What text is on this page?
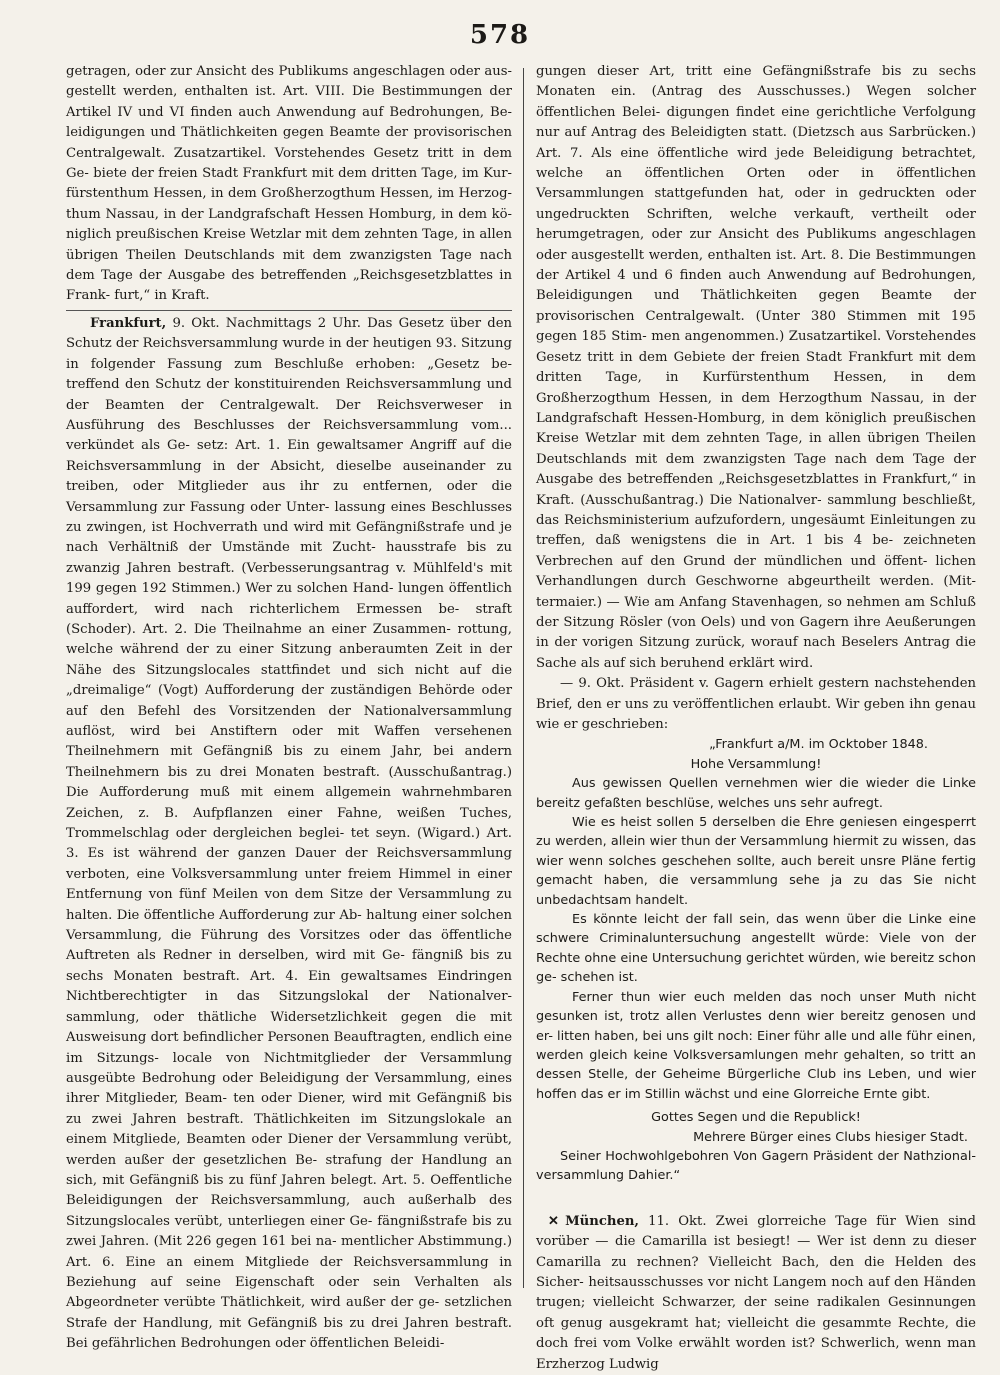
578

getragen, oder zur Ansicht des Publikums angeschlagen oder aus- gestellt werden, enthalten ist. Art. VIII. Die Bestimmungen der Artikel IV und VI finden auch Anwendung auf Bedrohungen, Be- leidigungen und Thätlichkeiten gegen Beamte der provisorischen Centralgewalt. Zusatzartikel. Vorstehendes Gesetz tritt in dem Ge- biete der freien Stadt Frankfurt mit dem dritten Tage, im Kur- fürstenthum Hessen, in dem Großherzogthum Hessen, im Herzog- thum Nassau, in der Landgrafschaft Hessen Homburg, in dem kö- niglich preußischen Kreise Wetzlar mit dem zehnten Tage, in allen übrigen Theilen Deutschlands mit dem zwanzigsten Tage nach dem Tage der Ausgabe des betreffenden „Reichsgesetzblattes in Frank- furt,“ in Kraft.

Frankfurt, 9. Okt. Nachmittags 2 Uhr. Das Gesetz über den Schutz der Reichsversammlung wurde in der heutigen 93. Sitzung in folgender Fassung zum Beschluße erhoben: „Gesetz be- treffend den Schutz der konstituirenden Reichsversammlung und der Beamten der Centralgewalt. Der Reichsverweser in Ausführung des Beschlusses der Reichsversammlung vom... verkündet als Ge- setz: Art. 1. Ein gewaltsamer Angriff auf die Reichsversammlung in der Absicht, dieselbe auseinander zu treiben, oder Mitglieder aus ihr zu entfernen, oder die Versammlung zur Fassung oder Unter- lassung eines Beschlusses zu zwingen, ist Hochverrath und wird mit Gefängnißstrafe und je nach Verhältniß der Umstände mit Zucht- hausstrafe bis zu zwanzig Jahren bestraft. (Verbesserungsantrag v. Mühlfeld's mit 199 gegen 192 Stimmen.) Wer zu solchen Hand- lungen öffentlich auffordert, wird nach richterlichem Ermessen be- straft (Schoder). Art. 2. Die Theilnahme an einer Zusammen- rottung, welche während der zu einer Sitzung anberaumten Zeit in der Nähe des Sitzungslocales stattfindet und sich nicht auf die „dreimalige“ (Vogt) Aufforderung der zuständigen Behörde oder auf den Befehl des Vorsitzenden der Nationalversammlung auflöst, wird bei Anstiftern oder mit Waffen versehenen Theilnehmern mit Gefängniß bis zu einem Jahr, bei andern Theilnehmern bis zu drei Monaten bestraft. (Ausschußantrag.) Die Aufforderung muß mit einem allgemein wahrnehmbaren Zeichen, z. B. Aufpflanzen einer Fahne, weißen Tuches, Trommelschlag oder dergleichen beglei- tet seyn. (Wigard.) Art. 3. Es ist während der ganzen Dauer der Reichsversammlung verboten, eine Volksversammlung unter freiem Himmel in einer Entfernung von fünf Meilen von dem Sitze der Versammlung zu halten. Die öffentliche Aufforderung zur Ab- haltung einer solchen Versammlung, die Führung des Vorsitzes oder das öffentliche Auftreten als Redner in derselben, wird mit Ge- fängniß bis zu sechs Monaten bestraft. Art. 4. Ein gewaltsames Eindringen Nichtberechtigter in das Sitzungslokal der Nationalver- sammlung, oder thätliche Widersetzlichkeit gegen die mit Ausweisung dort befindlicher Personen Beauftragten, endlich eine im Sitzungs- locale von Nichtmitglieder der Versammlung ausgeübte Bedrohung oder Beleidigung der Versammlung, eines ihrer Mitglieder, Beam- ten oder Diener, wird mit Gefängniß bis zu zwei Jahren bestraft. Thätlichkeiten im Sitzungslokale an einem Mitgliede, Beamten oder Diener der Versammlung verübt, werden außer der gesetzlichen Be- strafung der Handlung an sich, mit Gefängniß bis zu fünf Jahren belegt. Art. 5. Oeffentliche Beleidigungen der Reichsversammlung, auch außerhalb des Sitzungslocales verübt, unterliegen einer Ge- fängnißstrafe bis zu zwei Jahren. (Mit 226 gegen 161 bei na- mentlicher Abstimmung.) Art. 6. Eine an einem Mitgliede der Reichsversammlung in Beziehung auf seine Eigenschaft oder sein Verhalten als Abgeordneter verübte Thätlichkeit, wird außer der ge- setzlichen Strafe der Handlung, mit Gefängniß bis zu drei Jahren bestraft. Bei gefährlichen Bedrohungen oder öffentlichen Beleidi-

gungen dieser Art, tritt eine Gefängnißstrafe bis zu sechs Monaten ein. (Antrag des Ausschusses.) Wegen solcher öffentlichen Belei- digungen findet eine gerichtliche Verfolgung nur auf Antrag des Beleidigten statt. (Dietzsch aus Sarbrücken.) Art. 7. Als eine öffentliche wird jede Beleidigung betrachtet, welche an öffentlichen Orten oder in öffentlichen Versammlungen stattgefunden hat, oder in gedruckten oder ungedruckten Schriften, welche verkauft, vertheilt oder herumgetragen, oder zur Ansicht des Publikums angeschlagen oder ausgestellt werden, enthalten ist. Art. 8. Die Bestimmungen der Artikel 4 und 6 finden auch Anwendung auf Bedrohungen, Beleidigungen und Thätlichkeiten gegen Beamte der provisorischen Centralgewalt. (Unter 380 Stimmen mit 195 gegen 185 Stim- men angenommen.) Zusatzartikel. Vorstehendes Gesetz tritt in dem Gebiete der freien Stadt Frankfurt mit dem dritten Tage, in Kurfürstenthum Hessen, in dem Großherzogthum Hessen, in dem Herzogthum Nassau, in der Landgrafschaft Hessen-Homburg, in dem königlich preußischen Kreise Wetzlar mit dem zehnten Tage, in allen übrigen Theilen Deutschlands mit dem zwanzigsten Tage nach dem Tage der Ausgabe des betreffenden „Reichsgesetzblattes in Frankfurt,“ in Kraft. (Ausschußantrag.) Die Nationalver- sammlung beschließt, das Reichsministerium aufzufordern, ungesäumt Einleitungen zu treffen, daß wenigstens die in Art. 1 bis 4 be- zeichneten Verbrechen auf den Grund der mündlichen und öffent- lichen Verhandlungen durch Geschworne abgeurtheilt werden. (Mit- termaier.) — Wie am Anfang Stavenhagen, so nehmen am Schluß der Sitzung Rösler (von Oels) und von Gagern ihre Aeußerungen in der vorigen Sitzung zurück, worauf nach Beselers Antrag die Sache als auf sich beruhend erklärt wird.

— 9. Okt. Präsident v. Gagern erhielt gestern nachstehenden Brief, den er uns zu veröffentlichen erlaubt. Wir geben ihn genau wie er geschrieben:

„Frankfurt a/M. im Ocktober 1848.

Hohe Versammlung!

Aus gewissen Quellen vernehmen wier die wieder die Linke bereitz gefaßten beschlüse, welches uns sehr aufregt.

Wie es heist sollen 5 derselben die Ehre geniesen eingesperrt zu werden, allein wier thun der Versammlung hiermit zu wissen, das wier wenn solches geschehen sollte, auch bereit unsre Pläne fertig gemacht haben, die versammlung sehe ja zu das Sie nicht unbedachtsam handelt.

Es könnte leicht der fall sein, das wenn über die Linke eine schwere Criminaluntersuchung angestellt würde: Viele von der Rechte ohne eine Untersuchung gerichtet würden, wie bereitz schon ge- schehen ist.

Ferner thun wier euch melden das noch unser Muth nicht gesunken ist, trotz allen Verlustes denn wier bereitz genosen und er- litten haben, bei uns gilt noch: Einer führ alle und alle führ einen, werden gleich keine Volksversamlungen mehr gehalten, so tritt an dessen Stelle, der Geheime Bürgerliche Club ins Leben, und wier hoffen das er im Stillin wächst und eine Glorreiche Ernte gibt.

Gottes Segen und die Republick!

Mehrere Bürger eines Clubs hiesiger Stadt.

Seiner Hochwohlgebohren Von Gagern Präsident der Nathzional- versammlung Dahier.“

✕ München, 11. Okt. Zwei glorreiche Tage für Wien sind vorüber — die Camarilla ist besiegt! — Wer ist denn zu dieser Camarilla zu rechnen? Vielleicht Bach, den die Helden des Sicher- heitsausschusses vor nicht Langem noch auf den Händen trugen; vielleicht Schwarzer, der seine radikalen Gesinnungen oft genug ausgekramt hat; vielleicht die gesammte Rechte, die doch frei vom Volke erwählt worden ist? Schwerlich, wenn man Erzherzog Ludwig
